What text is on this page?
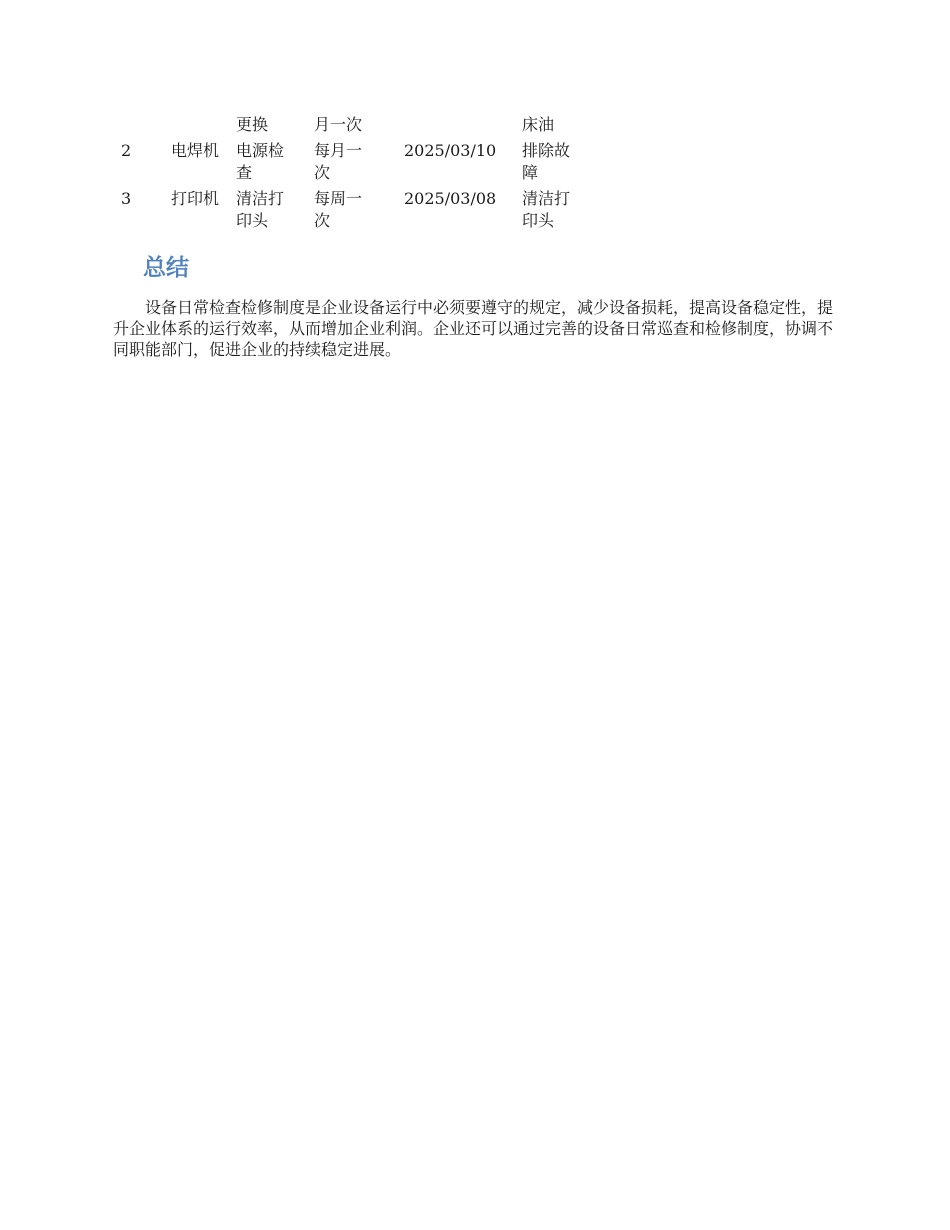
		更换	月一次		床油

2	电焊机	电源检查	每月一次	2025/03/10	排除故障

3	打印机	清洁打印头	每周一次	2025/03/08	清洁打印头
总结

设备日常检查检修制度是企业设备运行中必须要遵守的规定，减少设备损耗，提高设备稳定性，提升企业体系的运行效率，从而增加企业利润。企业还可以通过完善的设备日常巡查和检修制度，协调不同职能部门，促进企业的持续稳定进展。
